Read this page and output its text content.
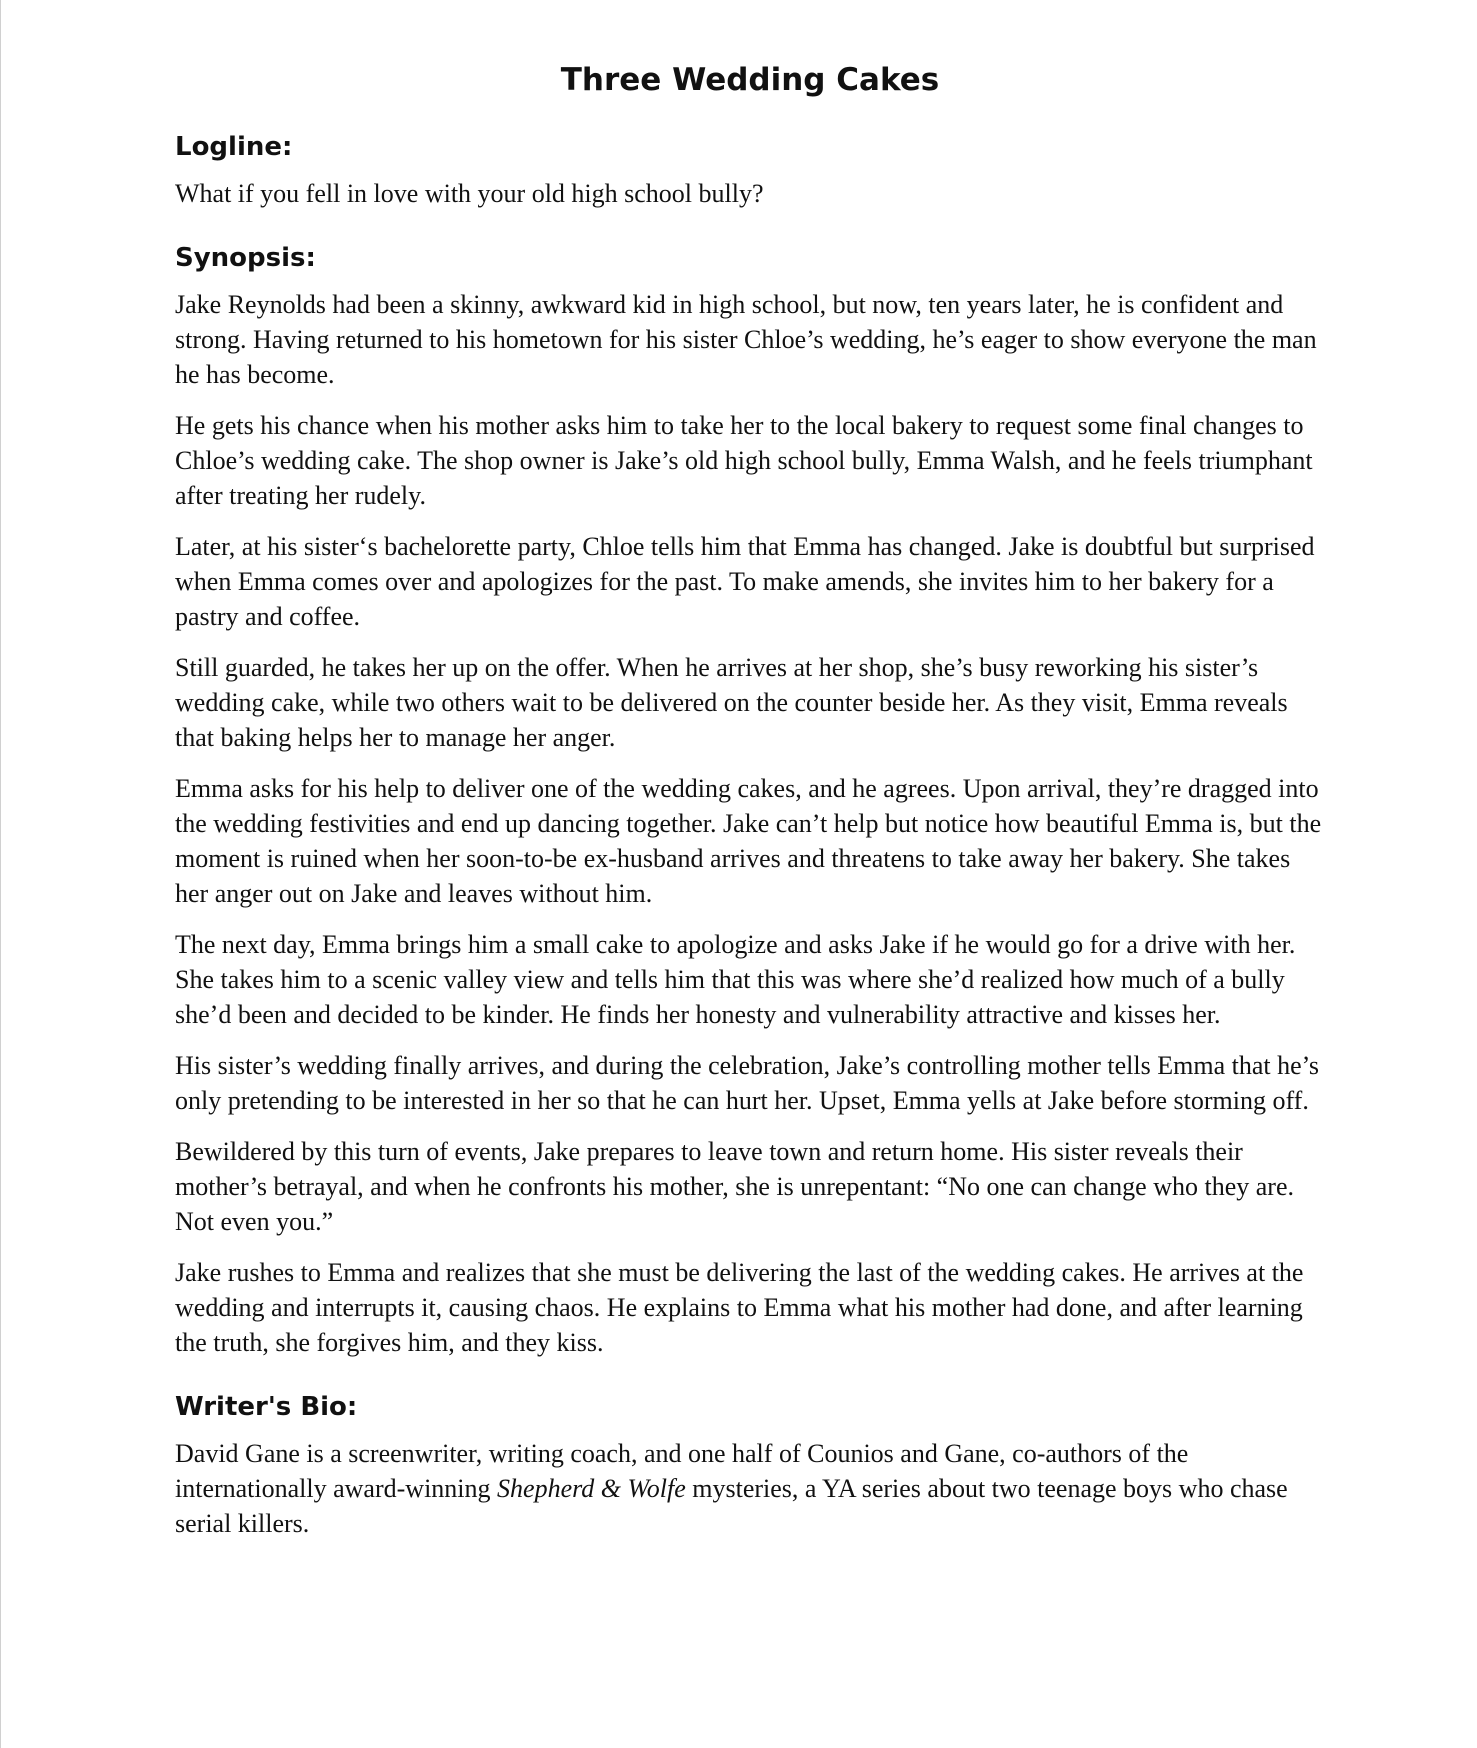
Three Wedding Cakes
Logline:

What if you fell in love with your old high school bully?

Synopsis:

Jake Reynolds had been a skinny, awkward kid in high school, but now, ten years later, he is confident and strong. Having returned to his hometown for his sister Chloe’s wedding, he’s eager to show everyone the man he has become.

He gets his chance when his mother asks him to take her to the local bakery to request some final changes to Chloe’s wedding cake. The shop owner is Jake’s old high school bully, Emma Walsh, and he feels triumphant after treating her rudely.

Later, at his sister‘s bachelorette party, Chloe tells him that Emma has changed. Jake is doubtful but surprised when Emma comes over and apologizes for the past. To make amends, she invites him to her bakery for a pastry and coffee.

Still guarded, he takes her up on the offer. When he arrives at her shop, she’s busy reworking his sister’s wedding cake, while two others wait to be delivered on the counter beside her. As they visit, Emma reveals that baking helps her to manage her anger.

Emma asks for his help to deliver one of the wedding cakes, and he agrees. Upon arrival, they’re dragged into the wedding festivities and end up dancing together. Jake can’t help but notice how beautiful Emma is, but the moment is ruined when her soon-to-be ex-husband arrives and threatens to take away her bakery. She takes her anger out on Jake and leaves without him.

The next day, Emma brings him a small cake to apologize and asks Jake if he would go for a drive with her. She takes him to a scenic valley view and tells him that this was where she’d realized how much of a bully she’d been and decided to be kinder. He finds her honesty and vulnerability attractive and kisses her.

His sister’s wedding finally arrives, and during the celebration, Jake’s controlling mother tells Emma that he’s only pretending to be interested in her so that he can hurt her. Upset, Emma yells at Jake before storming off.

Bewildered by this turn of events, Jake prepares to leave town and return home. His sister reveals their mother’s betrayal, and when he confronts his mother, she is unrepentant: “No one can change who they are. Not even you.”

Jake rushes to Emma and realizes that she must be delivering the last of the wedding cakes. He arrives at the wedding and interrupts it, causing chaos. He explains to Emma what his mother had done, and after learning the truth, she forgives him, and they kiss.

Writer's Bio:

David Gane is a screenwriter, writing coach, and one half of Counios and Gane, co-authors of the internationally award-winning Shepherd & Wolfe mysteries, a YA series about two teenage boys who chase serial killers.
